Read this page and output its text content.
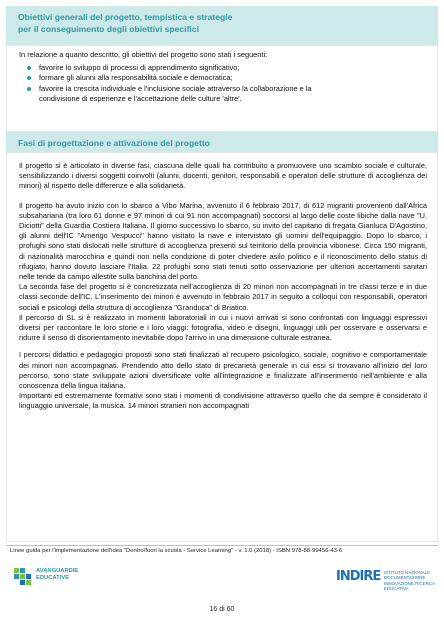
Obiettivi generali del progetto, tempistica e strategie
per il conseguimento degli obiettivi specifici

In relazione a quanto descritto, gli obiettivi del progetto sono stati i seguenti:

favorire lo sviluppo di processi di apprendimento significativo;
formare gli alunni alla responsabilità sociale e democratica;
favorire la crescita individuale e l'inclusione sociale attraverso la collaborazione e la
condivisione di esperienze e l'accettazione delle culture 'altre'.
Fasi di progettazione e attivazione del progetto

Il progetto si è articolato in diverse fasi, ciascuna delle quali ha contribuito a promuovere uno scambio sociale e culturale, sensibilizzando i diversi soggetti coinvolti (alunni, docenti, genitori, responsabili e operatori delle strutture di accoglienza dei minori) al rispetto delle differenze e alla solidarietà.

Il progetto ha avuto inizio con lo sbarco a Vibo Marina, avvenuto il 6 febbraio 2017, di 612 migranti provenienti dall'Africa subsahariana (tra loro 61 donne e 97 minori di cui 91 non accompagnati) soccorsi al largo delle coste libiche dalla nave "U. Diciotti" della Guardia Costiera Italiana. Il giorno successivo lo sbarco, su invito del capitano di fregata Gianluca D'Agostino, gli alunni dell'IC "Amerigo Vespucci" hanno visitato la nave e intervistato gli uomini dell'equipaggio. Dopo lo sbarco, i profughi sono stati dislocati nelle strutture di accoglienza presenti sul territorio della provincia vibonese. Circa 150 migranti, di nazionalità marocchina e quindi non nella condizione di poter chiedere asilo politico e il riconoscimento dello status di rifugiato, hanno dovuto lasciare l'Italia. 22 profughi sono stati tenuti sotto osservazione per ulteriori accertamenti sanitari nelle tende da campo allestite sulla banchina del porto.

La seconda fase del progetto si è concretizzata nell'accoglienza di 20 minori non accompagnati in tre classi terze e in due classi seconde dell'IC. L'inserimento dei minori è avvenuto in febbraio 2017 in seguito a colloqui con responsabili, operatori sociali e psicologi della struttura di accoglienza "Granduca" di Briatico.

Il percorso di SL si è realizzato in momenti laboratoriali in cui i nuovi arrivati si sono confrontati con linguaggi espressivi diversi per raccontare le loro storie e i loro viaggi: fotografia, video e disegni, linguaggi utili per osservare e osservarsi e ridurre il senso di disorientamento inevitabile dopo l'arrivo in una dimensione culturale estranea.

I percorsi didattici e pedagogici proposti sono stati finalizzati al recupero psicologico, sociale, cognitivo e comportamentale dei minori non accompagnati. Prendendo atto dello stato di precarietà generale in cui essi si trovavano all'inizio del loro percorso, sono state sviluppate azioni diversificate volte all'integrazione e finalizzate all'inserimento nell'ambiente e alla conoscenza della lingua italiana.

Importanti ed estremamente formativi sono stati i momenti di condivisione attraverso quello che da sempre è considerato il linguaggio universale, la musica. 14 minori stranieri non accompagnati

Linee guida per l'implementazione dell'idea "Dentro/fuori la scuola - Service Learning" - v. 1.0 (2018) - ISBN 978-88-99456-43-6
AVANGUARDIE EDUCATIVE	INDIRE ISTITUTO NAZIONALE DOCUMENTAZIONE INNOVAZIONE RICERCA EDUCATIVA
16 di 60
